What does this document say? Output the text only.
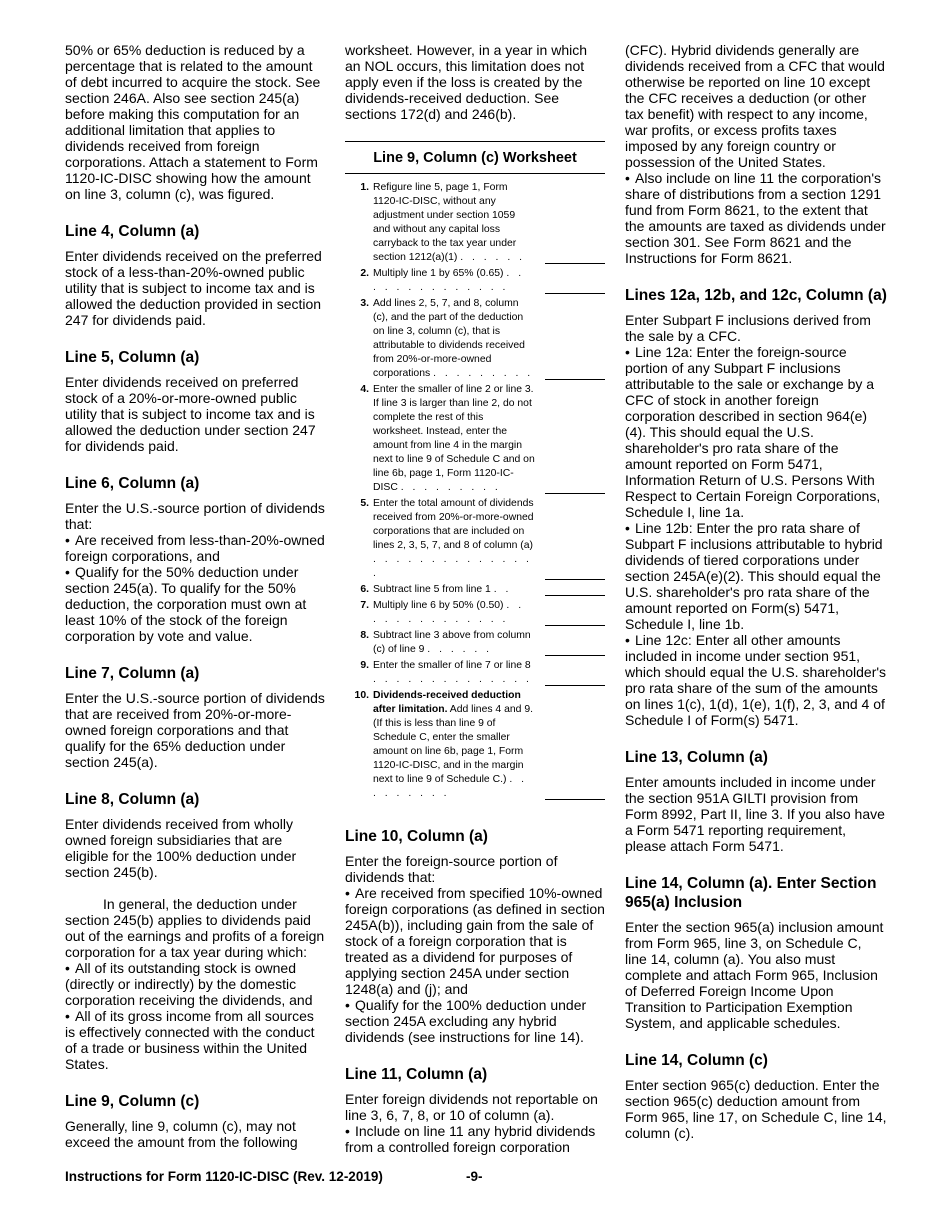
50% or 65% deduction is reduced by a percentage that is related to the amount of debt incurred to acquire the stock. See section 246A. Also see section 245(a) before making this computation for an additional limitation that applies to dividends received from foreign corporations. Attach a statement to Form 1120-IC-DISC showing how the amount on line 3, column (c), was figured.

Line 4, Column (a)

Enter dividends received on the preferred stock of a less-than-20%-owned public utility that is subject to income tax and is allowed the deduction provided in section 247 for dividends paid.

Line 5, Column (a)

Enter dividends received on preferred stock of a 20%-or-more-owned public utility that is subject to income tax and is allowed the deduction under section 247 for dividends paid.

Line 6, Column (a)

Enter the U.S.-source portion of dividends that:

• Are received from less-than-20%-owned foreign corporations, and

• Qualify for the 50% deduction under section 245(a). To qualify for the 50% deduction, the corporation must own at least 10% of the stock of the foreign corporation by vote and value.

Line 7, Column (a)

Enter the U.S.-source portion of dividends that are received from 20%-or-more-owned foreign corporations and that qualify for the 65% deduction under section 245(a).

Line 8, Column (a)

Enter dividends received from wholly owned foreign subsidiaries that are eligible for the 100% deduction under section 245(b).

In general, the deduction under section 245(b) applies to dividends paid out of the earnings and profits of a foreign corporation for a tax year during which:

• All of its outstanding stock is owned (directly or indirectly) by the domestic corporation receiving the dividends, and

• All of its gross income from all sources is effectively connected with the conduct of a trade or business within the United States.

Line 9, Column (c)

Generally, line 9, column (c), may not exceed the amount from the following

worksheet. However, in a year in which an NOL occurs, this limitation does not apply even if the loss is created by the dividends-received deduction. See sections 172(d) and 246(b).

Line 9, Column (c) Worksheet
1. Refigure line 5, page 1, Form 1120-IC-DISC, without any adjustment under section 1059 and without any capital loss carryback to the tax year under section 1212(a)(1) . . . . . .
2. Multiply line 1 by 65% (0.65) . . . . . . . . . . . . . .
3. Add lines 2, 5, 7, and 8, column (c), and the part of the deduction on line 3, column (c), that is attributable to dividends received from 20%-or-more-owned corporations . . . . . . . . .
4. Enter the smaller of line 2 or line 3. If line 3 is larger than line 2, do not complete the rest of this worksheet. Instead, enter the amount from line 4 in the margin next to line 9 of Schedule C and on line 6b, page 1, Form 1120-IC-DISC . . . . . . . . .
5. Enter the total amount of dividends received from 20%-or-more-owned corporations that are included on lines 2, 3, 5, 7, and 8 of column (a) . . . . . . . . . . . . . . .
6. Subtract line 5 from line 1 . .
7. Multiply line 6 by 50% (0.50) . . . . . . . . . . . . . .
8. Subtract line 3 above from column (c) of line 9 . . . . . .
9. Enter the smaller of line 7 or line 8 . . . . . . . . . . . . . .
10. Dividends-received deduction after limitation. Add lines 4 and 9. (If this is less than line 9 of Schedule C, enter the smaller amount on line 6b, page 1, Form 1120-IC-DISC, and in the margin next to line 9 of Schedule C.) . . . . . . . . .
Line 10, Column (a)

Enter the foreign-source portion of dividends that:

• Are received from specified 10%-owned foreign corporations (as defined in section 245A(b)), including gain from the sale of stock of a foreign corporation that is treated as a dividend for purposes of applying section 245A under section 1248(a) and (j); and

• Qualify for the 100% deduction under section 245A excluding any hybrid dividends (see instructions for line 14).

Line 11, Column (a)

Enter foreign dividends not reportable on line 3, 6, 7, 8, or 10 of column (a).

• Include on line 11 any hybrid dividends from a controlled foreign corporation

(CFC). Hybrid dividends generally are dividends received from a CFC that would otherwise be reported on line 10 except the CFC receives a deduction (or other tax benefit) with respect to any income, war profits, or excess profits taxes imposed by any foreign country or possession of the United States.

• Also include on line 11 the corporation's share of distributions from a section 1291 fund from Form 8621, to the extent that the amounts are taxed as dividends under section 301. See Form 8621 and the Instructions for Form 8621.

Lines 12a, 12b, and 12c, Column (a)

Enter Subpart F inclusions derived from the sale by a CFC.

• Line 12a: Enter the foreign-source portion of any Subpart F inclusions attributable to the sale or exchange by a CFC of stock in another foreign corporation described in section 964(e)(4). This should equal the U.S. shareholder's pro rata share of the amount reported on Form 5471, Information Return of U.S. Persons With Respect to Certain Foreign Corporations, Schedule I, line 1a.

• Line 12b: Enter the pro rata share of Subpart F inclusions attributable to hybrid dividends of tiered corporations under section 245A(e)(2). This should equal the U.S. shareholder's pro rata share of the amount reported on Form(s) 5471, Schedule I, line 1b.

• Line 12c: Enter all other amounts included in income under section 951, which should equal the U.S. shareholder's pro rata share of the sum of the amounts on lines 1(c), 1(d), 1(e), 1(f), 2, 3, and 4 of Schedule I of Form(s) 5471.

Line 13, Column (a)

Enter amounts included in income under the section 951A GILTI provision from Form 8992, Part II, line 3. If you also have a Form 5471 reporting requirement, please attach Form 5471.

Line 14, Column (a). Enter Section 965(a) Inclusion

Enter the section 965(a) inclusion amount from Form 965, line 3, on Schedule C, line 14, column (a). You also must complete and attach Form 965, Inclusion of Deferred Foreign Income Upon Transition to Participation Exemption System, and applicable schedules.

Line 14, Column (c)

Enter section 965(c) deduction. Enter the section 965(c) deduction amount from Form 965, line 17, on Schedule C, line 14, column (c).

Instructions for Form 1120-IC-DISC (Rev. 12-2019)	-9-
